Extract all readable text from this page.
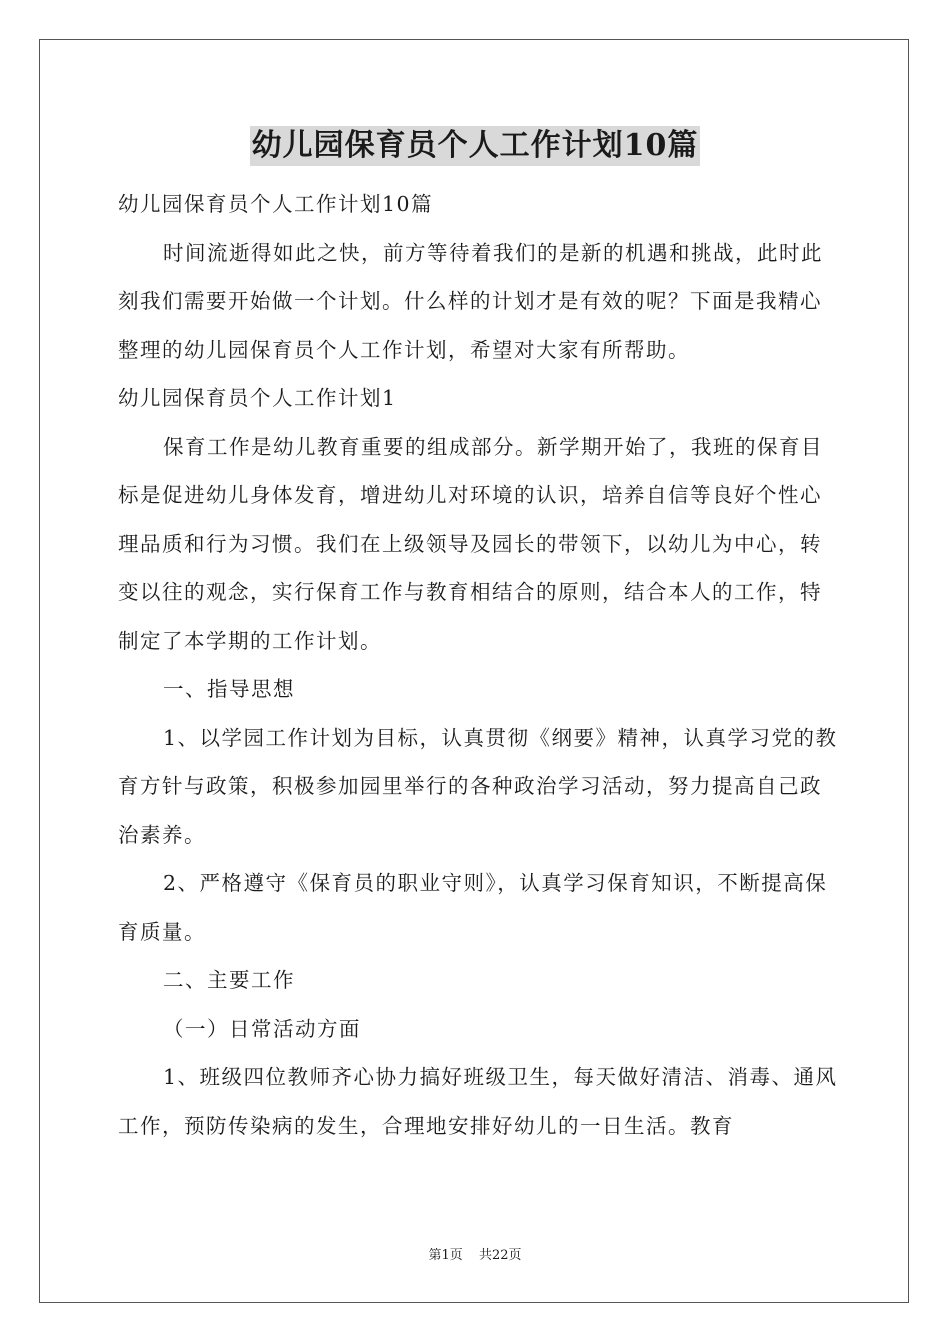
幼儿园保育员个人工作计划10篇

幼儿园保育员个人工作计划10篇

时间流逝得如此之快，前方等待着我们的是新的机遇和挑战，此时此刻我们需要开始做一个计划。什么样的计划才是有效的呢？下面是我精心整理的幼儿园保育员个人工作计划，希望对大家有所帮助。

幼儿园保育员个人工作计划1

保育工作是幼儿教育重要的组成部分。新学期开始了，我班的保育目标是促进幼儿身体发育，增进幼儿对环境的认识，培养自信等良好个性心理品质和行为习惯。我们在上级领导及园长的带领下，以幼儿为中心，转变以往的观念，实行保育工作与教育相结合的原则，结合本人的工作，特制定了本学期的工作计划。

一、指导思想

1、以学园工作计划为目标，认真贯彻《纲要》精神，认真学习党的教育方针与政策，积极参加园里举行的各种政治学习活动，努力提高自己政治素养。

2、严格遵守《保育员的职业守则》，认真学习保育知识，不断提高保育质量。

二、主要工作

（一）日常活动方面

1、班级四位教师齐心协力搞好班级卫生，每天做好清洁、消毒、通风工作，预防传染病的发生，合理地安排好幼儿的一日生活。教育

第1页 共22页
